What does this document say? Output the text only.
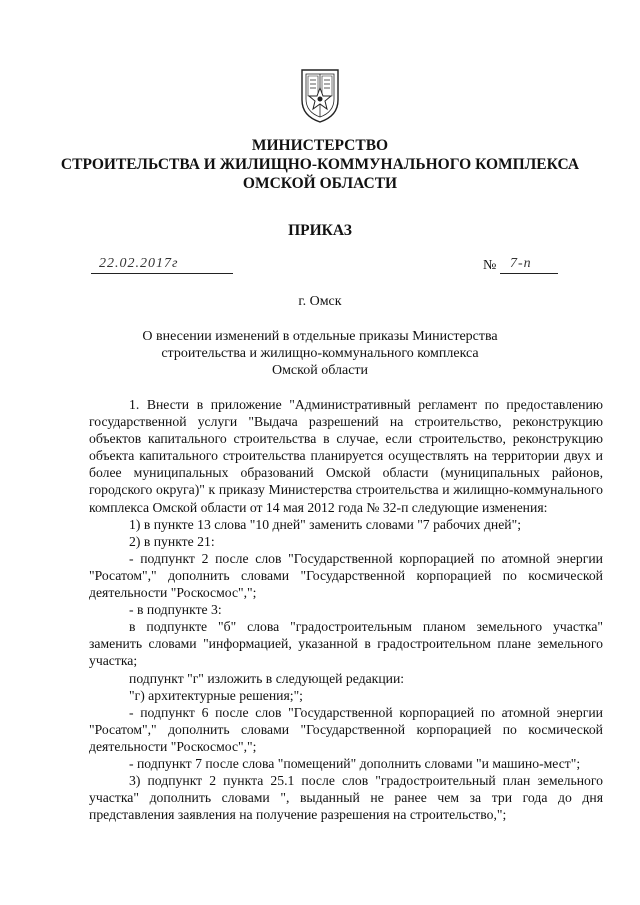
МИНИСТЕРСТВО
СТРОИТЕЛЬСТВА И ЖИЛИЩНО-КОММУНАЛЬНОГО КОМПЛЕКСА
ОМСКОЙ ОБЛАСТИ
ПРИКАЗ
22.02.2017г	№ 7-п
г. Омск
О внесении изменений в отдельные приказы Министерства
строительства и жилищно-коммунального комплекса
Омской области

1. Внести в приложение "Административный регламент по предоставлению государственной услуги "Выдача разрешений на строительство, реконструкцию объектов капитального строительства в случае, если строительство, реконструкцию объекта капитального строительства планируется осуществлять на территории двух и более муниципальных образований Омской области (муниципальных районов, городского округа)" к приказу Министерства строительства и жилищно-коммунального комплекса Омской области от 14 мая 2012 года № 32-п следующие изменения:

1) в пункте 13 слова "10 дней" заменить словами "7 рабочих дней";

2) в пункте 21:

- подпункт 2 после слов "Государственной корпорацией по атомной энергии "Росатом"," дополнить словами "Государственной корпорацией по космической деятельности "Роскосмос",";

- в подпункте 3:

в подпункте "б" слова "градостроительным планом земельного участка" заменить словами "информацией, указанной в градостроительном плане земельного участка;

подпункт "г" изложить в следующей редакции:

"г) архитектурные решения;";

- подпункт 6 после слов "Государственной корпорацией по атомной энергии "Росатом"," дополнить словами "Государственной корпорацией по космической деятельности "Роскосмос",";

- подпункт 7 после слова "помещений" дополнить словами "и машино-мест";

3) подпункт 2 пункта 25.1 после слов "градостроительный план земельного участка" дополнить словами ", выданный не ранее чем за три года до дня представления заявления на получение разрешения на строительство,";
